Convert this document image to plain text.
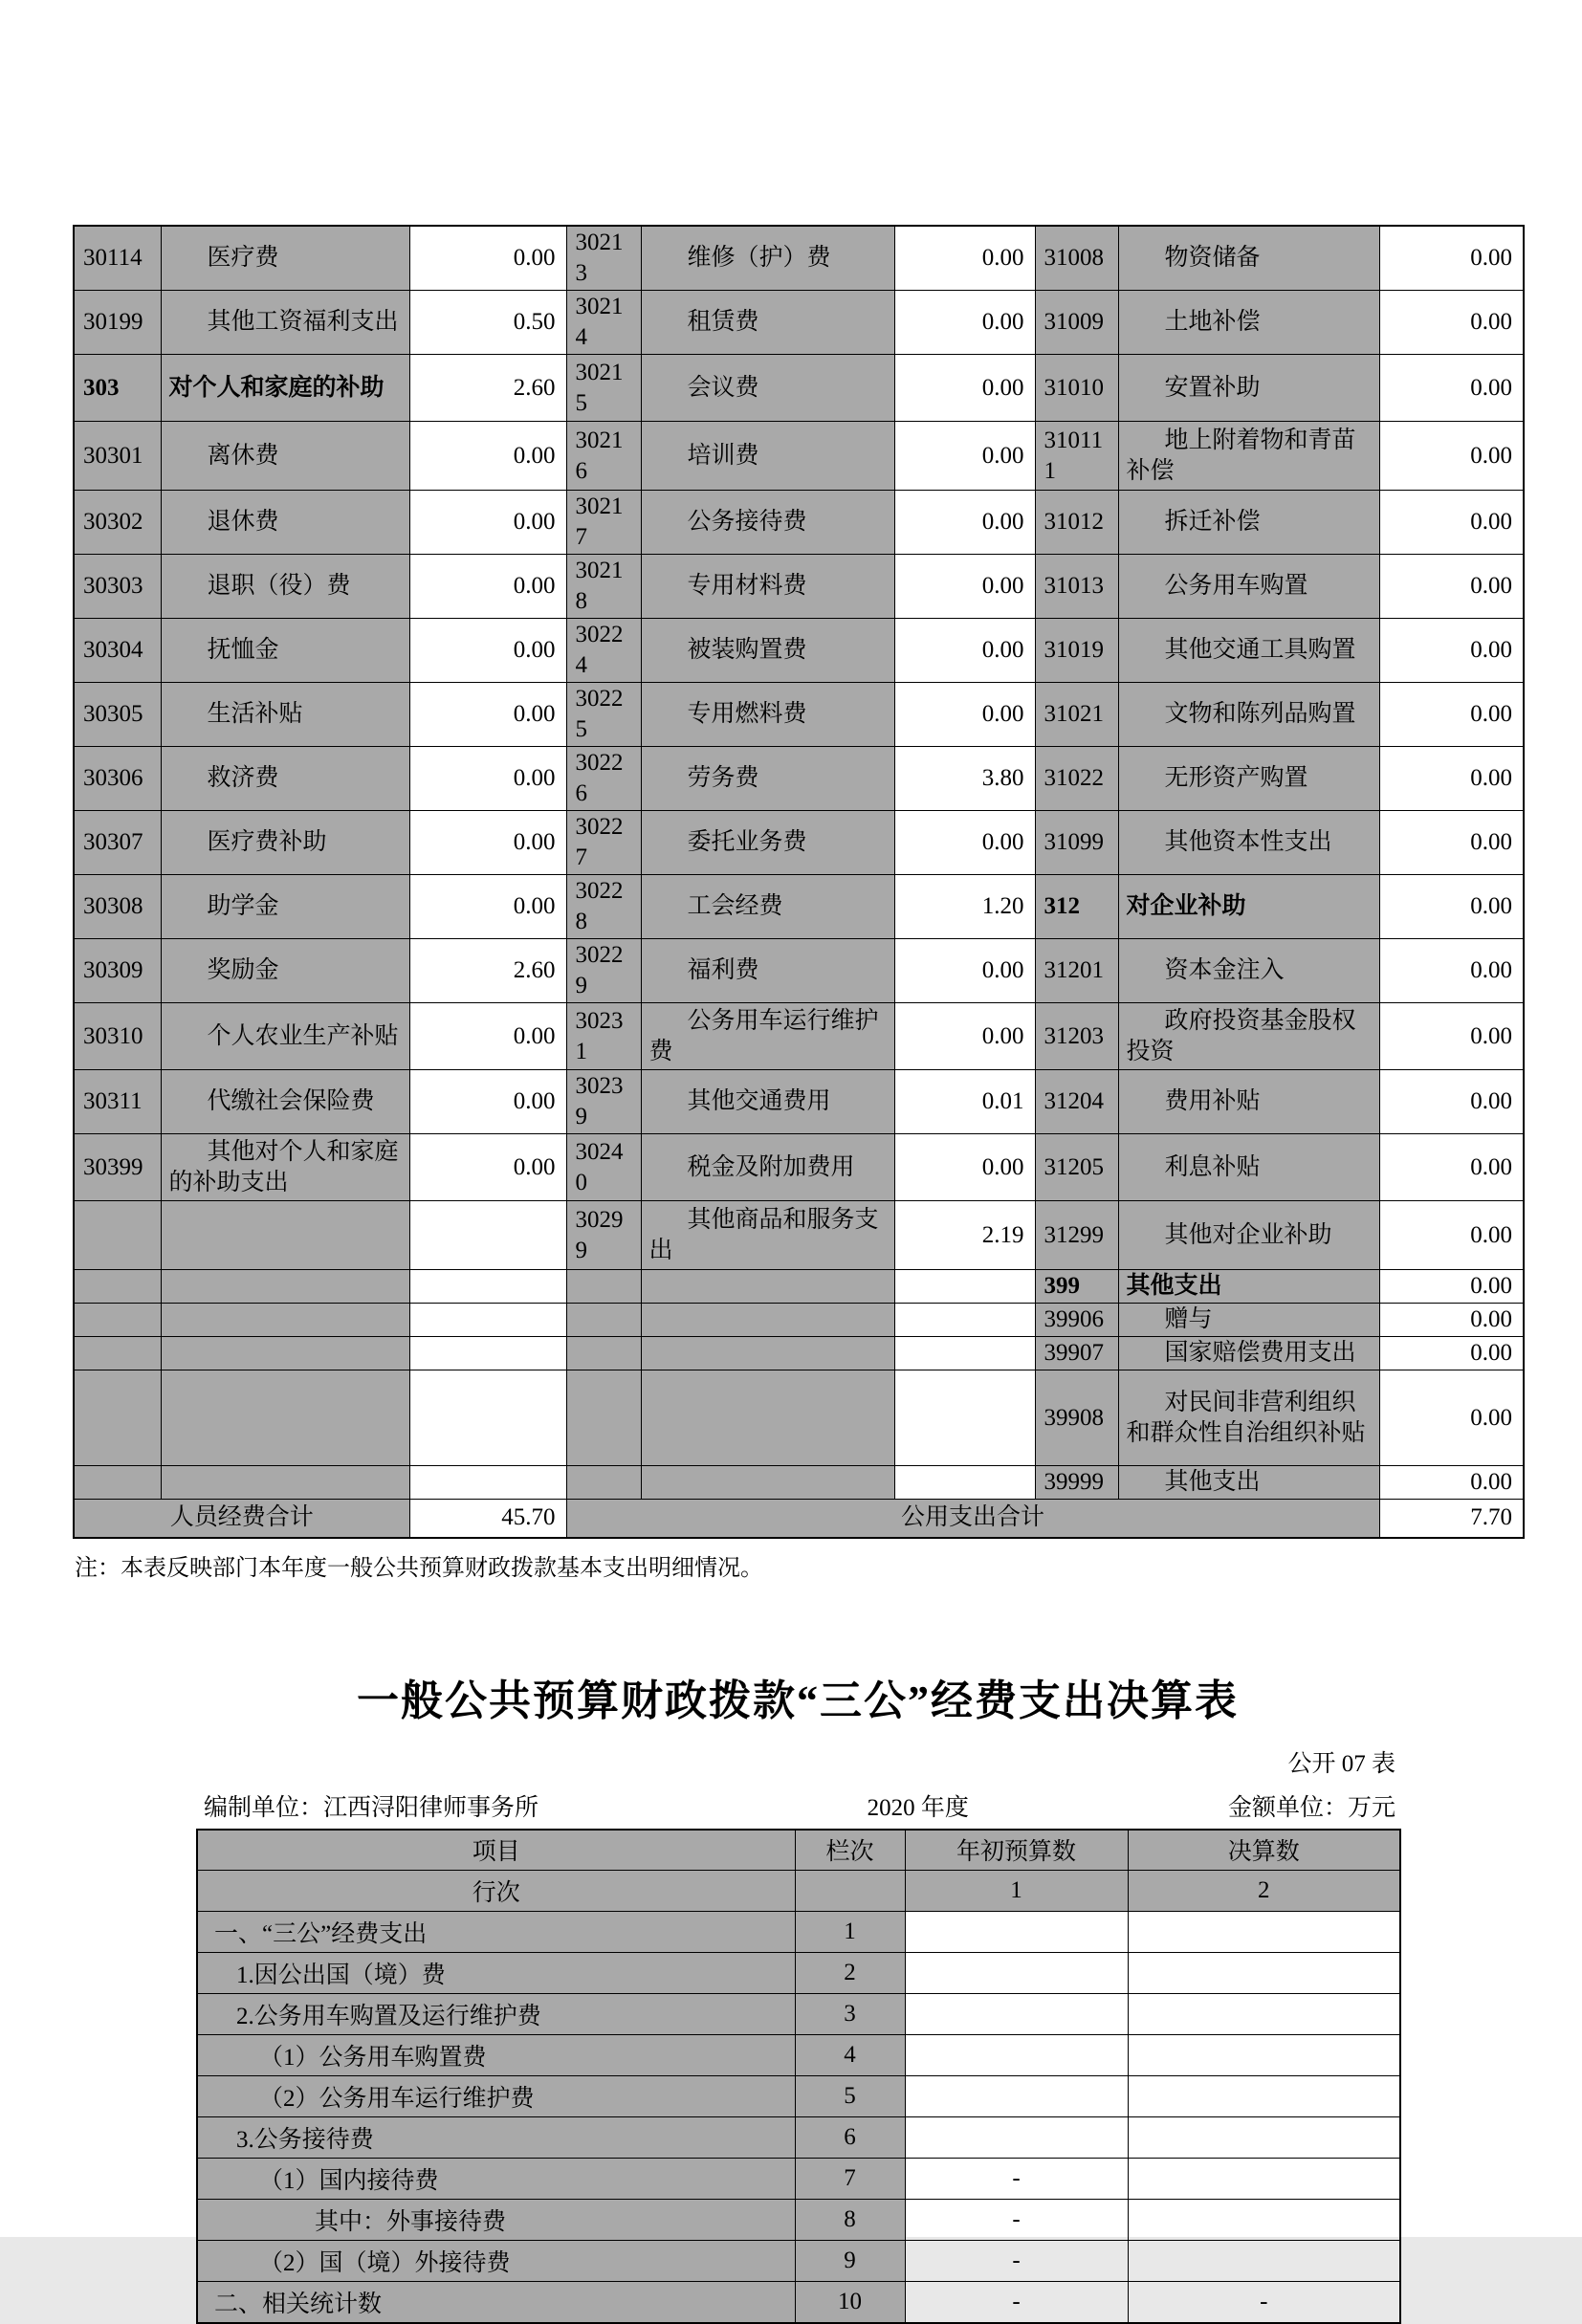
30114	医疗费	0.00	30213	维修（护）费	0.00	31008	物资储备	0.00
30199	其他工资福利支出	0.50	30214	租赁费	0.00	31009	土地补偿	0.00
303	对个人和家庭的补助	2.60	30215	会议费	0.00	31010	安置补助	0.00
30301	离休费	0.00	30216	培训费	0.00	310111	地上附着物和青苗补偿	0.00
30302	退休费	0.00	30217	公务接待费	0.00	31012	拆迁补偿	0.00
30303	退职（役）费	0.00	30218	专用材料费	0.00	31013	公务用车购置	0.00
30304	抚恤金	0.00	30224	被装购置费	0.00	31019	其他交通工具购置	0.00
30305	生活补贴	0.00	30225	专用燃料费	0.00	31021	文物和陈列品购置	0.00
30306	救济费	0.00	30226	劳务费	3.80	31022	无形资产购置	0.00
30307	医疗费补助	0.00	30227	委托业务费	0.00	31099	其他资本性支出	0.00
30308	助学金	0.00	30228	工会经费	1.20	312	对企业补助	0.00
30309	奖励金	2.60	30229	福利费	0.00	31201	资本金注入	0.00
30310	个人农业生产补贴	0.00	30231	公务用车运行维护费	0.00	31203	政府投资基金股权投资	0.00
30311	代缴社会保险费	0.00	30239	其他交通费用	0.01	31204	费用补贴	0.00
30399	其他对个人和家庭的补助支出	0.00	30240	税金及附加费用	0.00	31205	利息补贴	0.00
			30299	其他商品和服务支出	2.19	31299	其他对企业补助	0.00
						399	其他支出	0.00
						39906	赠与	0.00
						39907	国家赔偿费用支出	0.00
						39908	对民间非营利组织和群众性自治组织补贴	0.00
						39999	其他支出	0.00
人员经费合计		45.70	公用支出合计					7.70
注：本表反映部门本年度一般公共预算财政拨款基本支出明细情况。
一般公共预算财政拨款“三公”经费支出决算表
公开 07 表
编制单位：江西浔阳律师事务所	2020 年度	金额单位：万元
项目	栏次	年初预算数	决算数
行次		1	2
一、“三公”经费支出	1		
1.因公出国（境）费	2		
2.公务用车购置及运行维护费	3		
（1）公务用车购置费	4		
（2）公务用车运行维护费	5		
3.公务接待费	6		
（1）国内接待费	7	-	
其中：外事接待费	8	-	
（2）国（境）外接待费	9	-	
二、相关统计数	10	-	-
